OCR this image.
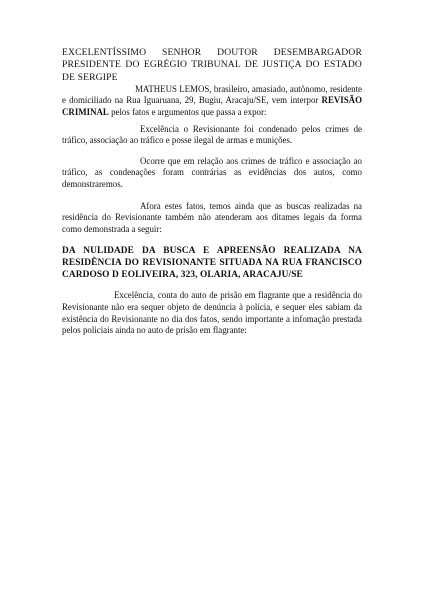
EXCELENTÍSSIMO SENHOR DOUTOR DESEMBARGADOR PRESIDENTE DO EGRÉGIO TRIBUNAL DE JUSTIÇA DO ESTADO DE SERGIPE

MATHEUS LEMOS, brasileiro, amasiado, autônomo, residente e domiciliado na Rua Iguaruana, 29, Bugiu, Aracaju/SE, vem interpor REVISÃO CRIMINAL pelos fatos e argumentos que passa a expor:

Excelência o Revisionante foi condenado pelos crimes de tráfico, associação ao tráfico e posse ilegal de armas e munições.

Ocorre que em relação aos crimes de tráfico e associação ao tráfico, as condenações foram contrárias as evidências dos autos, como demonstraremos.

Afora estes fatos, temos ainda que as buscas realizadas na residência do Revisionante também não atenderam aos ditames legais da forma como demonstrada a seguir:

DA NULIDADE DA BUSCA E APREENSÃO REALIZADA NA RESIDÊNCIA DO REVISIONANTE SITUADA NA RUA FRANCISCO CARDOSO D EOLIVEIRA, 323, OLARIA, ARACAJU/SE

Excelência, conta do auto de prisão em flagrante que a residência do Revisionante não era sequer objeto de denúncia à polícia, e sequer eles sabiam da existência do Revisionante no dia dos fatos, sendo importante a infomação prestada pelos policiais ainda no auto de prisão em flagrante:
